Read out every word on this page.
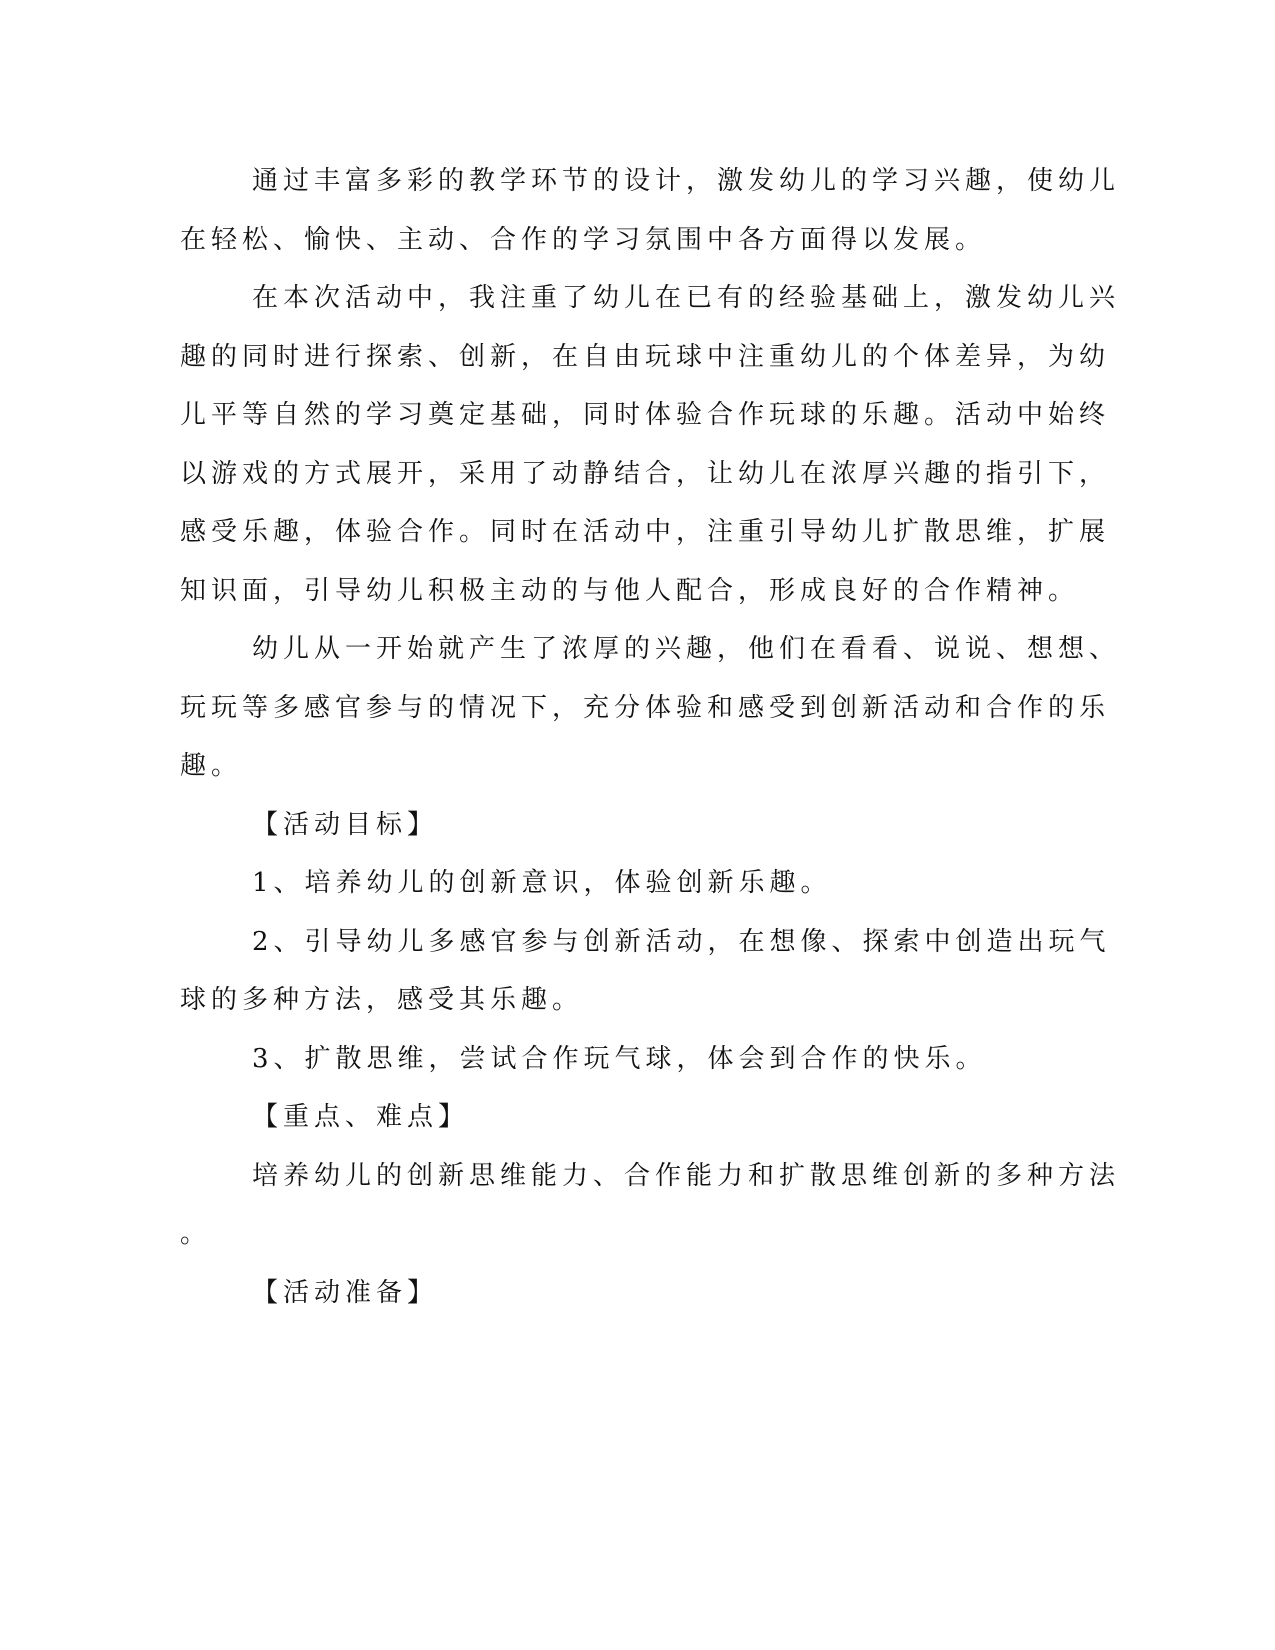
通过丰富多彩的教学环节的设计，激发幼儿的学习兴趣，使幼儿

在轻松、愉快、主动、合作的学习氛围中各方面得以发展。

在本次活动中，我注重了幼儿在已有的经验基础上，激发幼儿兴

趣的同时进行探索、创新，在自由玩球中注重幼儿的个体差异，为幼

儿平等自然的学习奠定基础，同时体验合作玩球的乐趣。活动中始终

以游戏的方式展开，采用了动静结合，让幼儿在浓厚兴趣的指引下，

感受乐趣，体验合作。同时在活动中，注重引导幼儿扩散思维，扩展

知识面，引导幼儿积极主动的与他人配合，形成良好的合作精神。

幼儿从一开始就产生了浓厚的兴趣，他们在看看、说说、想想、

玩玩等多感官参与的情况下，充分体验和感受到创新活动和合作的乐

趣。

【活动目标】

1、培养幼儿的创新意识，体验创新乐趣。

2、引导幼儿多感官参与创新活动，在想像、探索中创造出玩气

球的多种方法，感受其乐趣。

3、扩散思维，尝试合作玩气球，体会到合作的快乐。

【重点、难点】

培养幼儿的创新思维能力、合作能力和扩散思维创新的多种方法

。

【活动准备】
